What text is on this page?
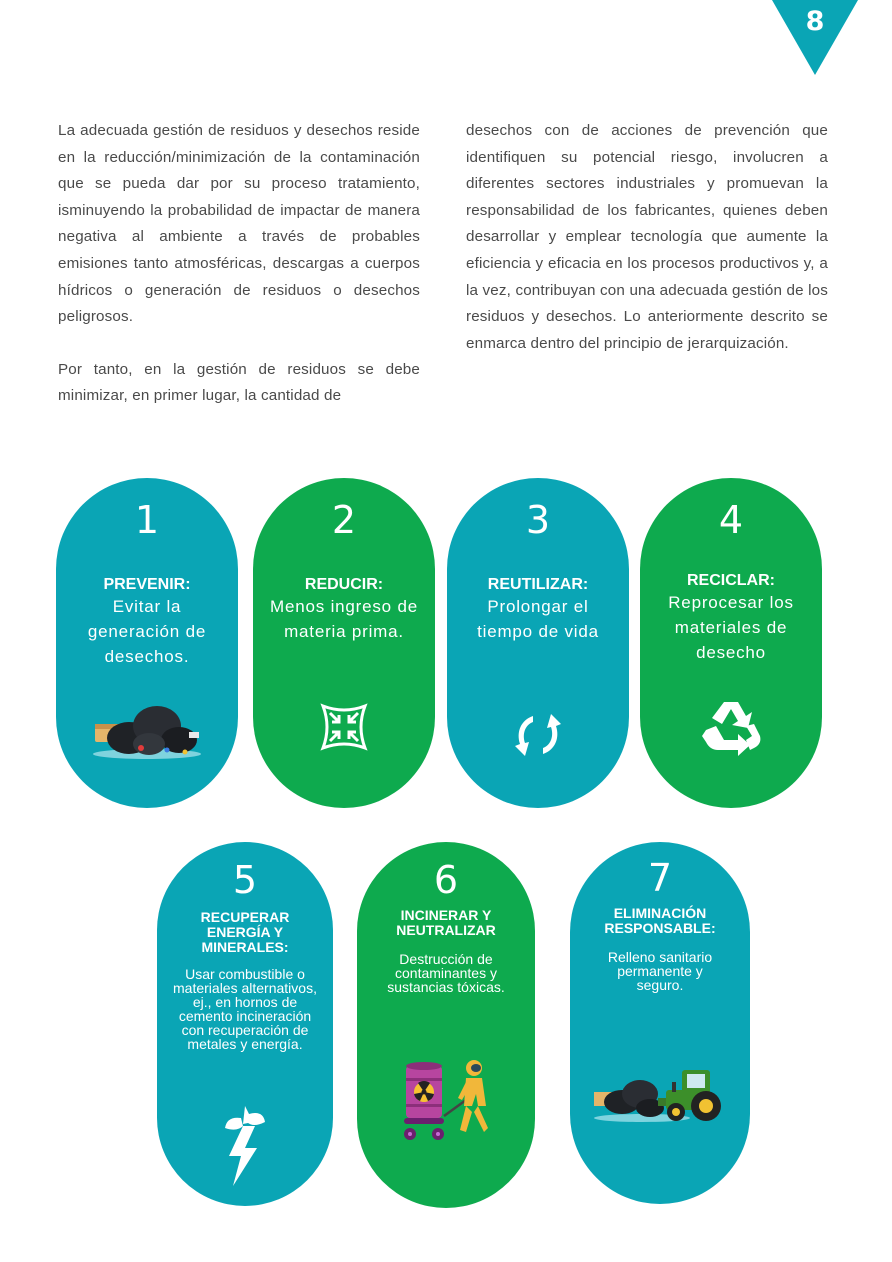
8

La adecuada gestión de residuos y desechos reside en la reducción/minimización de la contaminación que se pueda dar por su proceso tratamiento, isminuyendo la probabilidad de impactar de manera negativa al ambiente a través de probables emisiones tanto atmosféricas, descargas a cuerpos hídricos o generación de residuos o desechos peligrosos.

Por tanto, en la gestión de residuos se debe minimizar, en primer lugar, la cantidad de

desechos con de acciones de prevención que identifiquen su potencial riesgo, involucren a diferentes sectores industriales y promuevan la responsabilidad de los fabricantes, quienes deben desarrollar y emplear tecnología que aumente la eficiencia y eficacia en los procesos productivos y, a la vez, contribuyan con una adecuada gestión de los residuos y desechos. Lo anteriormente descrito se enmarca dentro del principio de jerarquización.

1
PREVENIR:
Evitar la generación de desechos.
2
REDUCIR:
Menos ingreso de materia prima.
3
REUTILIZAR:
Prolongar el tiempo de vida
4
RECICLAR:
Reprocesar los materiales de desecho
5
RECUPERAR ENERGÍA Y MINERALES:
Usar combustible o materiales alternativos, ej., en hornos de cemento incineración con recuperación de metales y energía.
6
INCINERAR Y NEUTRALIZAR
Destrucción de contaminantes y sustancias tóxicas.
7
ELIMINACIÓN RESPONSABLE:
Relleno sanitario permanente y seguro.
